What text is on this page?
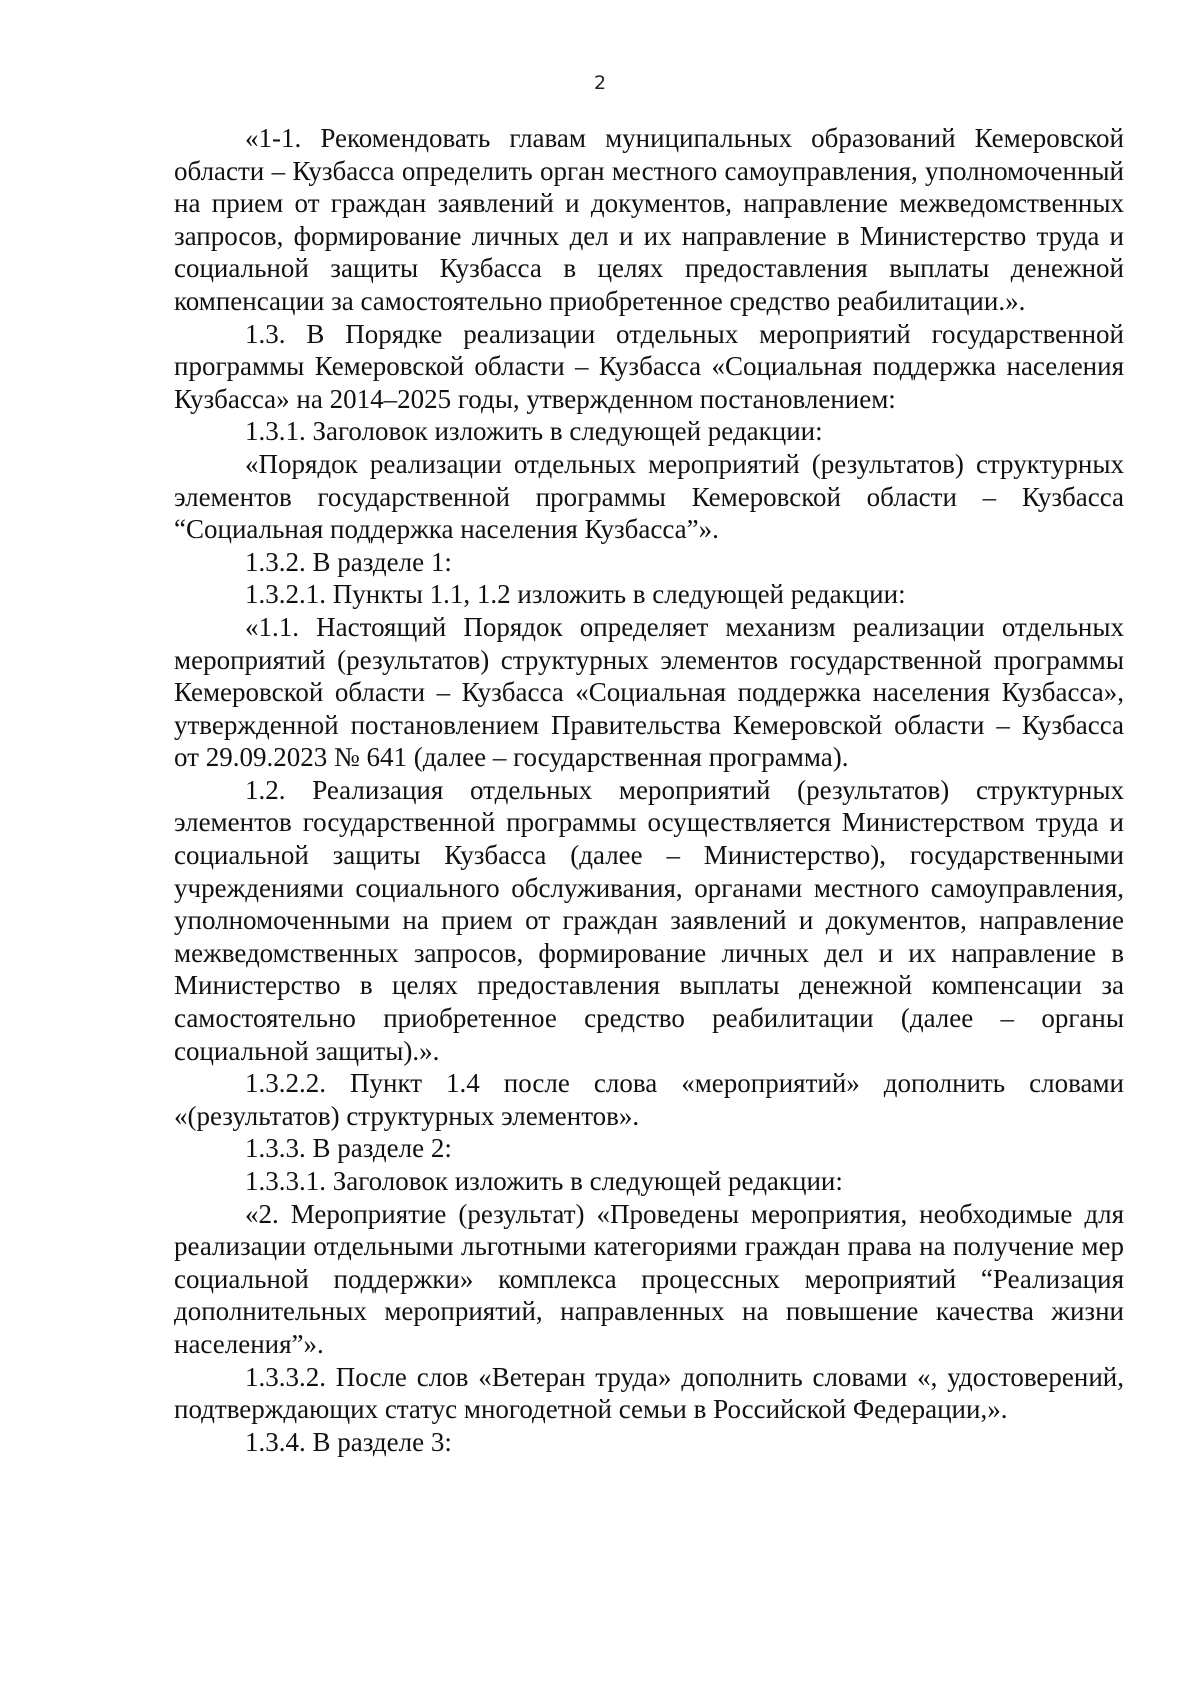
2

«1-1. Рекомендовать главам муниципальных образований Кемеровской области – Кузбасса определить орган местного самоуправления, уполномоченный на прием от граждан заявлений и документов, направление межведомственных запросов, формирование личных дел и их направление в Министерство труда и социальной защиты Кузбасса в целях предоставления выплаты денежной компенсации за самостоятельно приобретенное средство реабилитации.».

1.3. В Порядке реализации отдельных мероприятий государственной программы Кемеровской области – Кузбасса «Социальная поддержка населения Кузбасса» на 2014–2025 годы, утвержденном постановлением:

1.3.1. Заголовок изложить в следующей редакции:

«Порядок реализации отдельных мероприятий (результатов) структурных элементов государственной программы Кемеровской области – Кузбасса “Социальная поддержка населения Кузбасса”».

1.3.2. В разделе 1:

1.3.2.1. Пункты 1.1, 1.2 изложить в следующей редакции:

«1.1. Настоящий Порядок определяет механизм реализации отдельных мероприятий (результатов) структурных элементов государственной программы Кемеровской области – Кузбасса «Социальная поддержка населения Кузбасса», утвержденной постановлением Правительства Кемеровской области – Кузбасса от 29.09.2023 № 641 (далее – государственная программа).

1.2. Реализация отдельных мероприятий (результатов) структурных элементов государственной программы осуществляется Министерством труда и социальной защиты Кузбасса (далее – Министерство), государственными учреждениями социального обслуживания, органами местного самоуправления, уполномоченными на прием от граждан заявлений и документов, направление межведомственных запросов, формирование личных дел и их направление в Министерство в целях предоставления выплаты денежной компенсации за самостоятельно приобретенное средство реабилитации (далее – органы социальной защиты).».

1.3.2.2. Пункт 1.4 после слова «мероприятий» дополнить словами «(результатов) структурных элементов».

1.3.3. В разделе 2:

1.3.3.1. Заголовок изложить в следующей редакции:

«2. Мероприятие (результат) «Проведены мероприятия, необходимые для реализации отдельными льготными категориями граждан права на получение мер социальной поддержки» комплекса процессных мероприятий “Реализация дополнительных мероприятий, направленных на повышение качества жизни населения”».

1.3.3.2. После слов «Ветеран труда» дополнить словами «, удостоверений, подтверждающих статус многодетной семьи в Российской Федерации,».

1.3.4. В разделе 3:
